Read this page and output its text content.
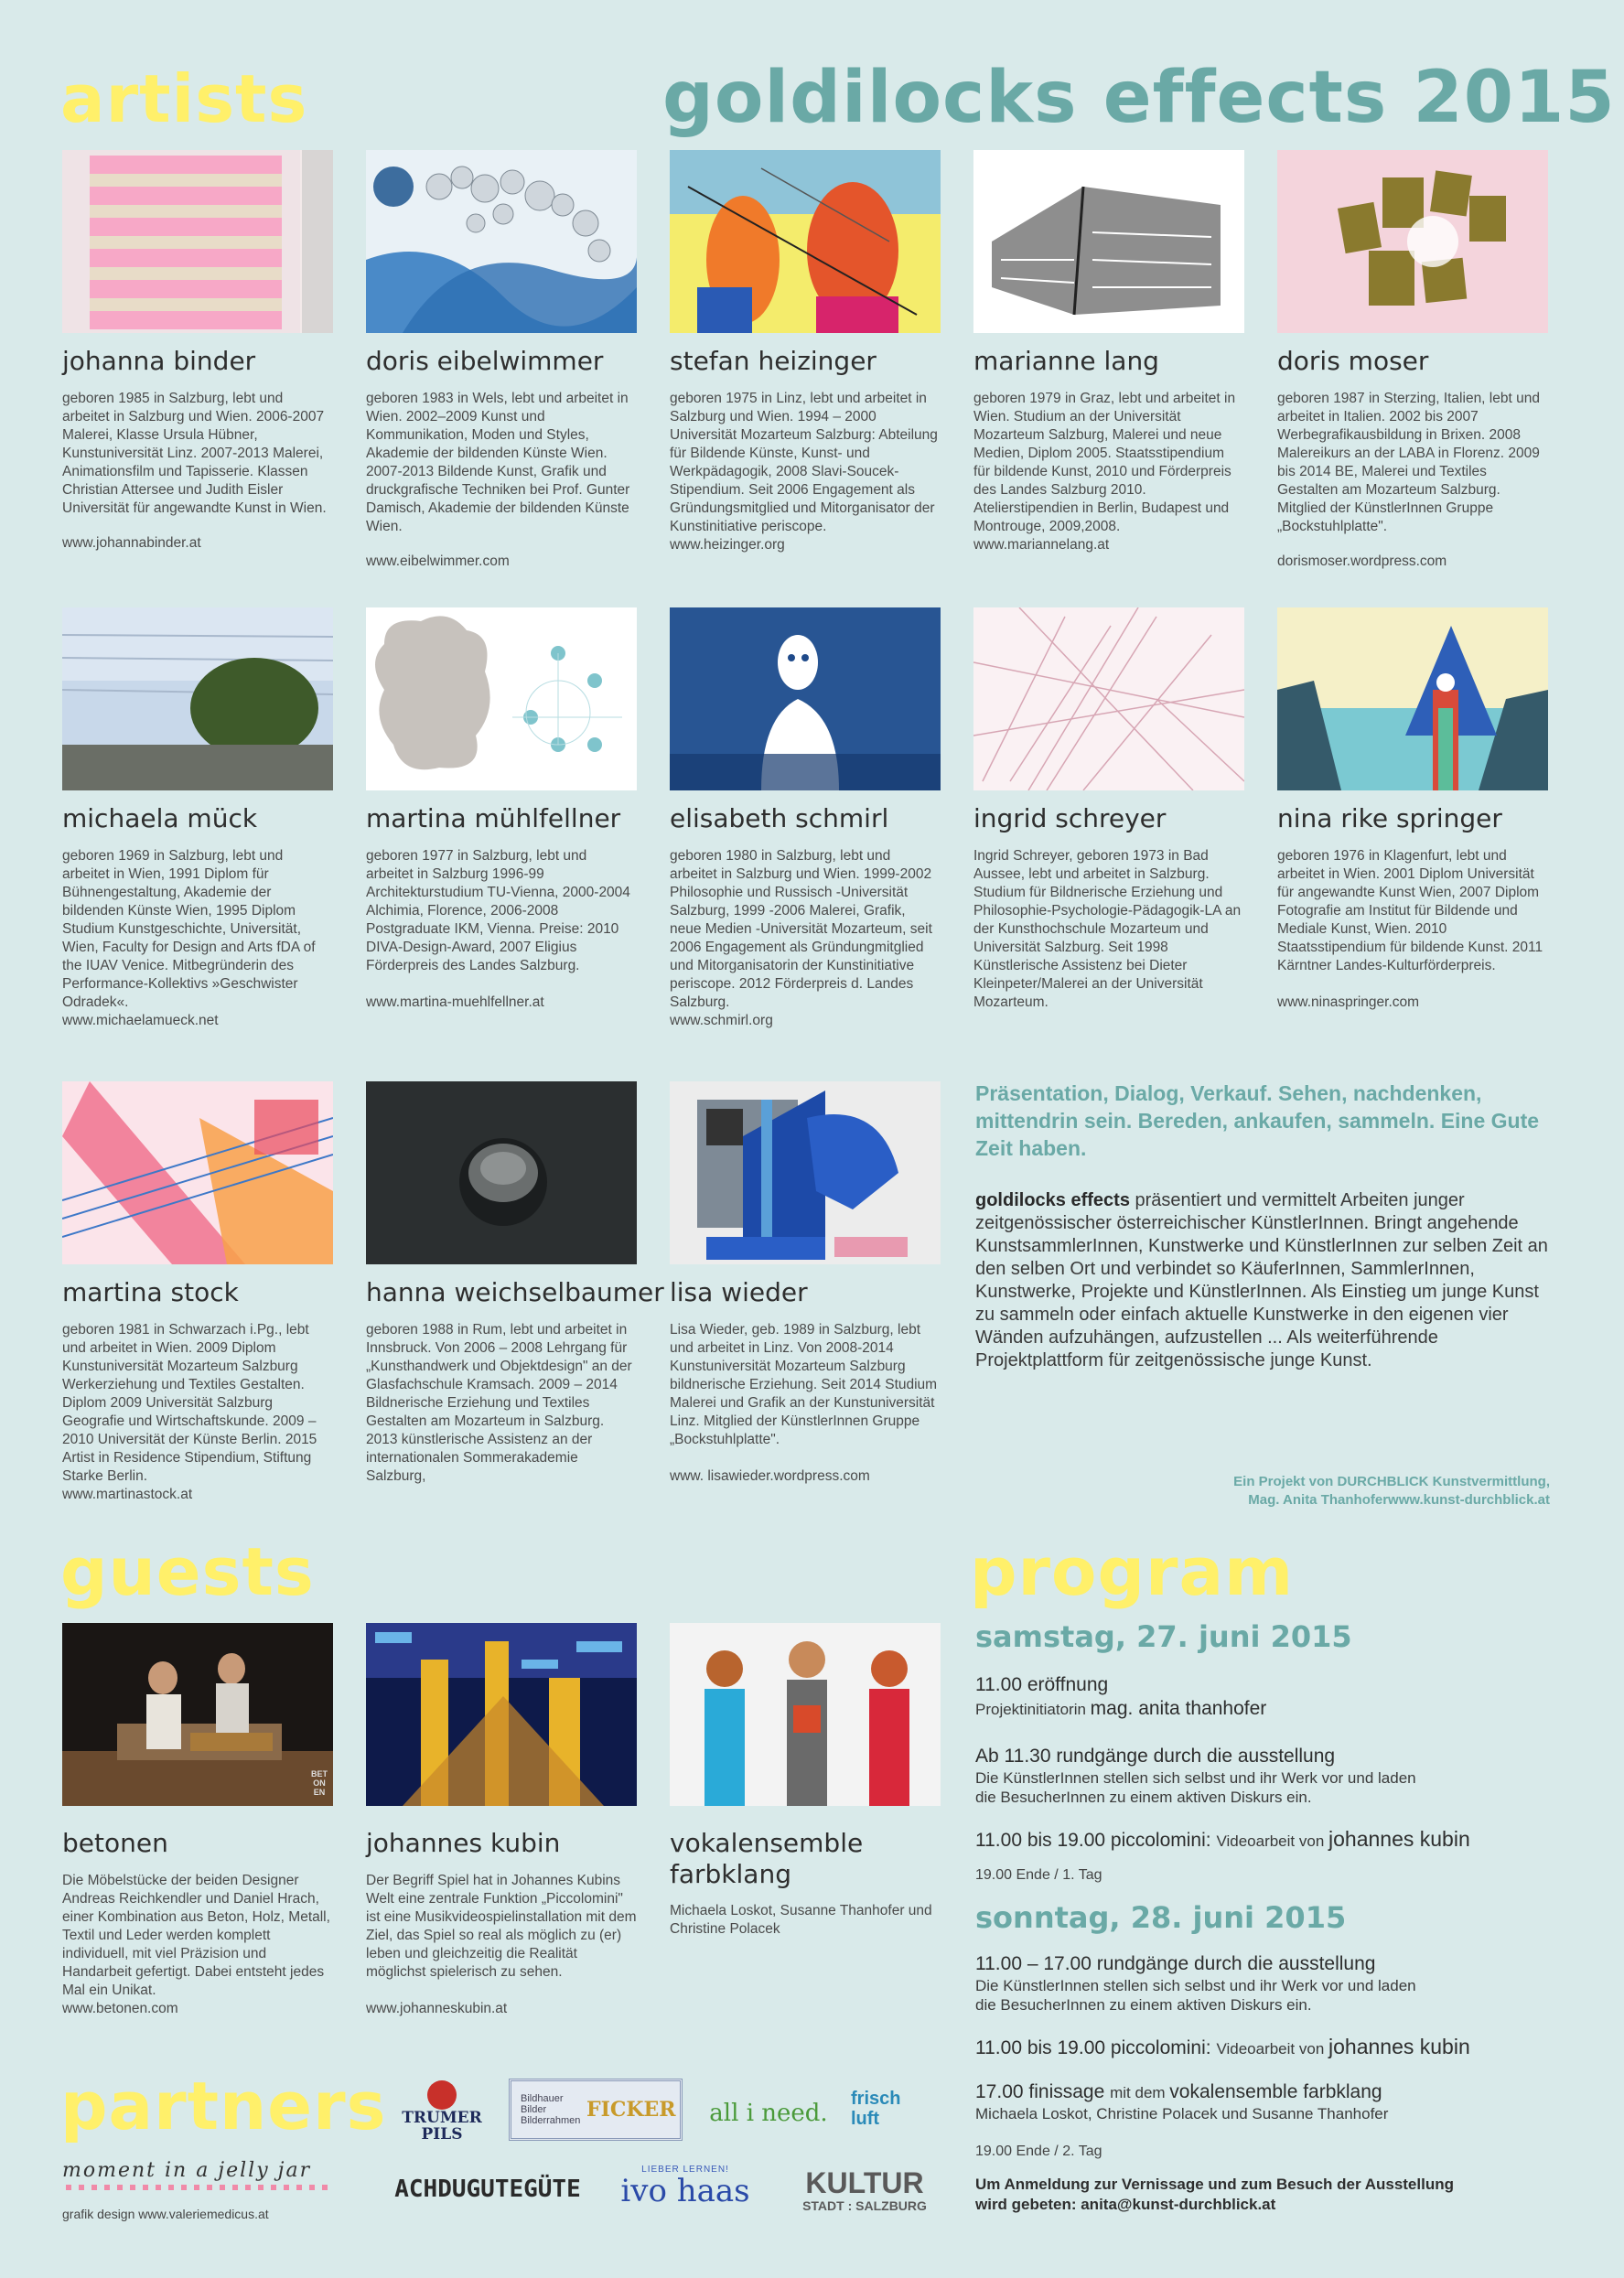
artists	goldilocks effects 2015
johanna binder
geboren 1985 in Salzburg, lebt und arbeitet in Salzburg und Wien. 2006-2007 Malerei, Klasse Ursula Hübner, Kunstuniversität Linz. 2007-2013 Malerei, Animationsfilm und Tapisserie. Klassen Christian Attersee und Judith Eisler Universität für angewandte Kunst in Wien.
www.johannabinder.at
doris eibelwimmer
geboren 1983 in Wels, lebt und arbeitet in Wien. 2002–2009 Kunst und Kommunikation, Moden und Styles, Akademie der bildenden Künste Wien. 2007-2013 Bildende Kunst, Grafik und druckgrafische Techniken bei Prof. Gunter Damisch, Akademie der bildenden Künste Wien.
www.eibelwimmer.com
stefan heizinger
geboren 1975 in Linz, lebt und arbeitet in Salzburg und Wien. 1994 – 2000 Universität Mozarteum Salzburg: Abteilung für Bildende Künste, Kunst- und Werkpädagogik, 2008 Slavi-Soucek-Stipendium. Seit 2006 Engagement als Gründungsmitglied und Mitorganisator der Kunstinitiative periscope.
www.heizinger.org
marianne lang
geboren 1979 in Graz, lebt und arbeitet in Wien. Studium an der Universität Mozarteum Salzburg, Malerei und neue Medien, Diplom 2005. Staatsstipendium für bildende Kunst, 2010 und Förderpreis des Landes Salzburg 2010. Atelierstipendien in Berlin, Budapest und Montrouge, 2009,2008.
www.mariannelang.at
doris moser
geboren 1987 in Sterzing, Italien, lebt und arbeitet in Italien. 2002 bis 2007 Werbegrafikausbildung in Brixen. 2008 Malereikurs an der LABA in Florenz. 2009 bis 2014 BE, Malerei und Textiles Gestalten am Mozarteum Salzburg. Mitglied der KünstlerInnen Gruppe „Bockstuhlplatte".
dorismoser.wordpress.com
michaela mück
geboren 1969 in Salzburg, lebt und arbeitet in Wien, 1991 Diplom für Bühnengestaltung, Akademie der bildenden Künste Wien, 1995 Diplom Studium Kunstgeschichte, Universität, Wien, Faculty for Design and Arts fDA of the IUAV Venice. Mitbegründerin des Performance-Kollektivs »Geschwister Odradek«.
www.michaelamueck.net
martina mühlfellner
geboren 1977 in Salzburg, lebt und arbeitet in Salzburg 1996-99 Architekturstudium TU-Vienna, 2000-2004 Alchimia, Florence, 2006-2008 Postgraduate IKM, Vienna. Preise: 2010 DIVA-Design-Award, 2007 Eligius Förderpreis des Landes Salzburg.
www.martina-muehlfellner.at
elisabeth schmirl
geboren 1980 in Salzburg, lebt und arbeitet in Salzburg und Wien. 1999-2002 Philosophie und Russisch -Universität Salzburg, 1999 -2006 Malerei, Grafik, neue Medien -Universität Mozarteum, seit 2006 Engagement als Gründungmitglied und Mitorganisatorin der Kunstinitiative periscope. 2012 Förderpreis d. Landes Salzburg.
www.schmirl.org
ingrid schreyer
Ingrid Schreyer, geboren 1973 in Bad Aussee, lebt und arbeitet in Salzburg. Studium für Bildnerische Erziehung und Philosophie-Psychologie-Pädagogik-LA an der Kunsthochschule Mozarteum und Universität Salzburg. Seit 1998 Künstlerische Assistenz bei Dieter Kleinpeter/Malerei an der Universität Mozarteum.
nina rike springer
geboren 1976 in Klagenfurt, lebt und arbeitet in Wien. 2001 Diplom Universität für angewandte Kunst Wien, 2007 Diplom Fotografie am Institut für Bildende und Mediale Kunst, Wien. 2010 Staatsstipendium für bildende Kunst. 2011 Kärntner Landes-Kulturförderpreis.
www.ninaspringer.com
martina stock
geboren 1981 in Schwarzach i.Pg., lebt und arbeitet in Wien. 2009 Diplom Kunstuniversität Mozarteum Salzburg Werkerziehung und Textiles Gestalten. Diplom 2009 Universität Salzburg Geografie und Wirtschaftskunde. 2009 – 2010 Universität der Künste Berlin. 2015 Artist in Residence Stipendium, Stiftung Starke Berlin.
www.martinastock.at
hanna weichselbaumer
geboren 1988 in Rum, lebt und arbeitet in Innsbruck. Von 2006 – 2008 Lehrgang für „Kunsthandwerk und Objektdesign" an der Glasfachschule Kramsach. 2009 – 2014 Bildnerische Erziehung und Textiles Gestalten am Mozarteum in Salzburg. 2013 künstlerische Assistenz an der internationalen Sommerakademie Salzburg,
lisa wieder
Lisa Wieder, geb. 1989 in Salzburg, lebt und arbeitet in Linz. Von 2008-2014 Kunstuniversität Mozarteum Salzburg bildnerische Erziehung. Seit 2014 Studium Malerei und Grafik an der Kunstuniversität Linz. Mitglied der KünstlerInnen Gruppe „Bockstuhlplatte".
www. lisawieder.wordpress.com
Präsentation, Dialog, Verkauf. Sehen, nachdenken, mittendrin sein. Bereden, ankaufen, sammeln. Eine Gute Zeit haben.
goldilocks effects präsentiert und vermittelt Arbeiten junger zeitgenössischer österreichischer KünstlerInnen. Bringt angehende KunstsammlerInnen, Kunstwerke und KünstlerInnen zur selben Zeit an den selben Ort und verbindet so KäuferInnen, SammlerInnen, Kunstwerke, Projekte und KünstlerInnen. Als Einstieg um junge Kunst zu sammeln oder einfach aktuelle Kunstwerke in den eigenen vier Wänden aufzuhängen, aufzustellen ... Als weiterführende Projektplattform für zeitgenössische junge Kunst.
Ein Projekt von DURCHBLICK Kunstvermittlung,
Mag. Anita Thanhoferwww.kunst-durchblick.at
guests
BET ON EN
betonen
Die Möbelstücke der beiden Designer Andreas Reichkendler und Daniel Hrach, einer Kombination aus Beton, Holz, Metall, Textil und Leder werden komplett individuell, mit viel Präzision und Handarbeit gefertigt. Dabei entsteht jedes Mal ein Unikat.
www.betonen.com
johannes kubin
Der Begriff Spiel hat in Johannes Kubins Welt eine zentrale Funktion „Piccolomini" ist eine Musikvideospielinstallation mit dem Ziel, das Spiel so real als möglich zu (er) leben und gleichzeitig die Realität möglichst spielerisch zu sehen.
www.johanneskubin.at
vokalensemble farbklang
Michaela Loskot, Susanne Thanhofer und Christine Polacek
program
samstag, 27. juni 2015
11.00 eröffnung
Projektinitiatorin mag. anita thanhofer
Ab 11.30 rundgänge durch die ausstellung
Die KünstlerInnen stellen sich selbst und ihr Werk vor und laden
die BesucherInnen zu einem aktiven Diskurs ein.
11.00 bis 19.00 piccolomini: Videoarbeit von johannes kubin
19.00 Ende / 1. Tag
sonntag, 28. juni 2015
11.00 – 17.00 rundgänge durch die ausstellung
Die KünstlerInnen stellen sich selbst und ihr Werk vor und laden
die BesucherInnen zu einem aktiven Diskurs ein.
11.00 bis 19.00 piccolomini: Videoarbeit von johannes kubin
17.00 finissage mit dem vokalensemble farbklang
Michaela Loskot, Christine Polacek und Susanne Thanhofer
19.00 Ende / 2. Tag
Um Anmeldung zur Vernissage und zum Besuch der Ausstellung
wird gebeten: anita@kunst-durchblick.at
partners
moment in a jelly jar
grafik design www.valeriemedicus.at
TRUMER PILS
Bildhauer
Bilder
Bilderrahmen FICKER	all i need.
frisch
luft
ACHDUGUTEGÜTE
LIEBER LERNEN!
ivo haas KULTUR
STADT : SALZBURG
